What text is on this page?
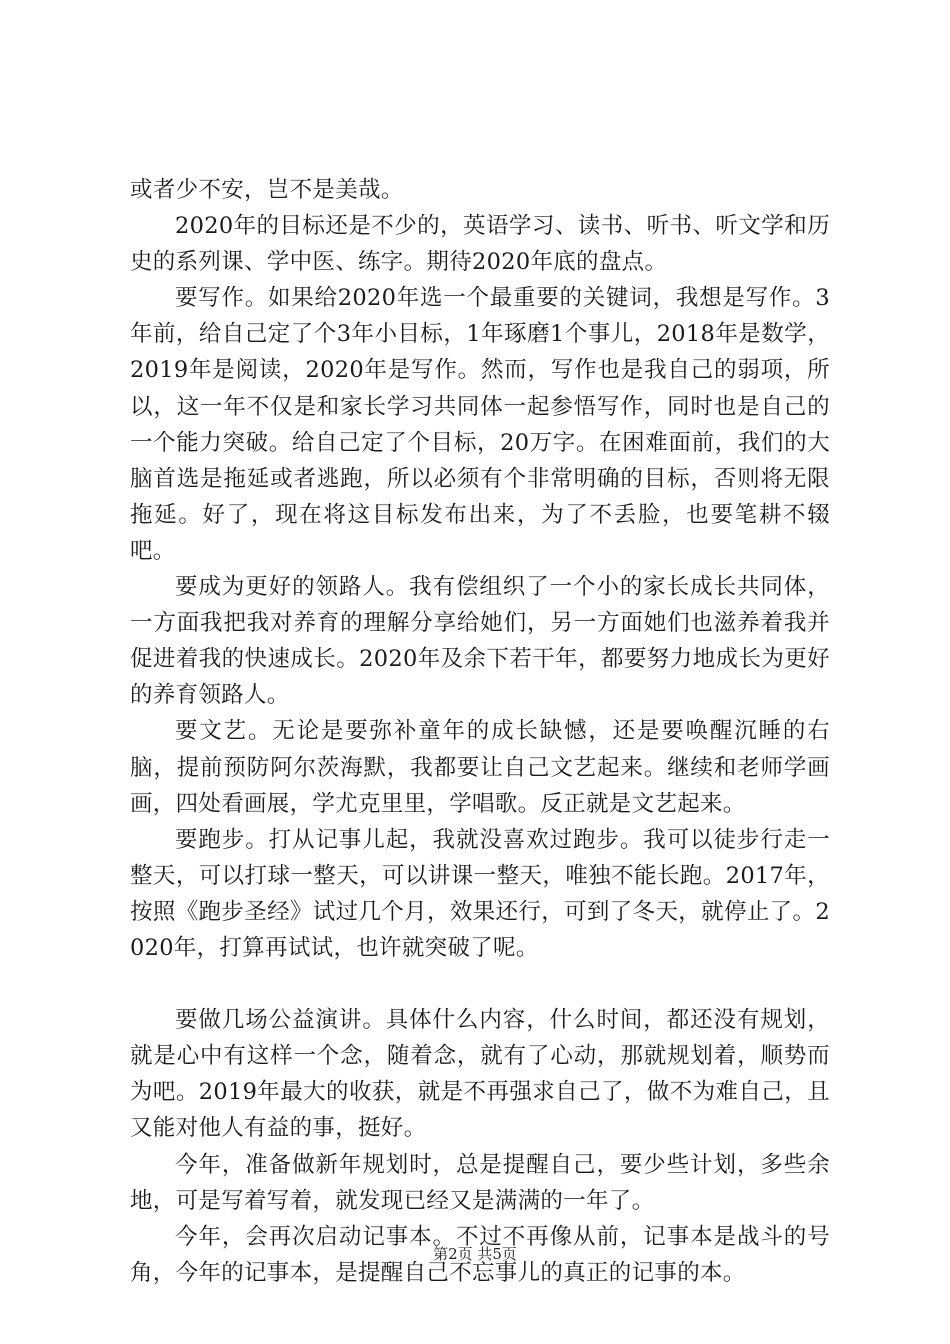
或者少不安，岂不是美哉。

2020年的目标还是不少的，英语学习、读书、听书、听文学和历史的系列课、学中医、练字。期待2020年底的盘点。

要写作。如果给2020年选一个最重要的关键词，我想是写作。3年前，给自己定了个3年小目标，1年琢磨1个事儿，2018年是数学，2019年是阅读，2020年是写作。然而，写作也是我自己的弱项，所以，这一年不仅是和家长学习共同体一起参悟写作，同时也是自己的一个能力突破。给自己定了个目标，20万字。在困难面前，我们的大脑首选是拖延或者逃跑，所以必须有个非常明确的目标，否则将无限拖延。好了，现在将这目标发布出来，为了不丢脸，也要笔耕不辍吧。

要成为更好的领路人。我有偿组织了一个小的家长成长共同体，一方面我把我对养育的理解分享给她们，另一方面她们也滋养着我并促进着我的快速成长。2020年及余下若干年，都要努力地成长为更好的养育领路人。

要文艺。无论是要弥补童年的成长缺憾，还是要唤醒沉睡的右脑，提前预防阿尔茨海默，我都要让自己文艺起来。继续和老师学画画，四处看画展，学尤克里里，学唱歌。反正就是文艺起来。

要跑步。打从记事儿起，我就没喜欢过跑步。我可以徒步行走一整天，可以打球一整天，可以讲课一整天，唯独不能长跑。2017年，按照《跑步圣经》试过几个月，效果还行，可到了冬天，就停止了。2020年，打算再试试，也许就突破了呢。

要做几场公益演讲。具体什么内容，什么时间，都还没有规划，就是心中有这样一个念，随着念，就有了心动，那就规划着，顺势而为吧。2019年最大的收获，就是不再强求自己了，做不为难自己，且又能对他人有益的事，挺好。

今年，准备做新年规划时，总是提醒自己，要少些计划，多些余地，可是写着写着，就发现已经又是满满的一年了。

今年，会再次启动记事本。不过不再像从前，记事本是战斗的号角，今年的记事本，是提醒自己不忘事儿的真正的记事的本。

第2页 共5页
